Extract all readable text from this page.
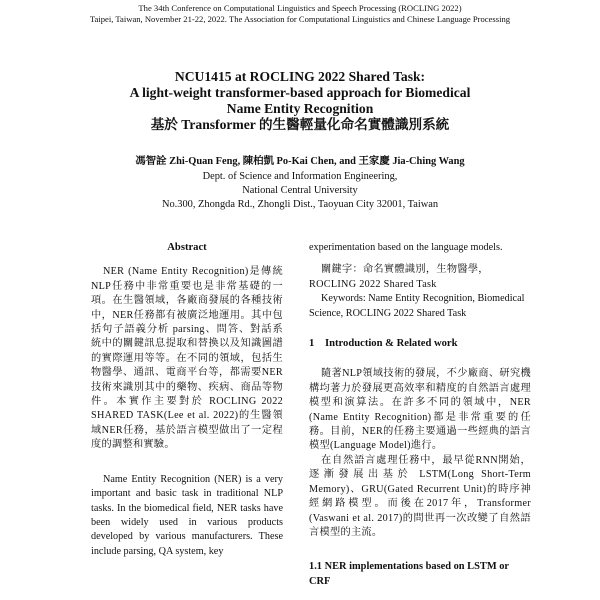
The 34th Conference on Computational Linguistics and Speech Processing (ROCLING 2022)
Taipei, Taiwan, November 21-22, 2022. The Association for Computational Linguistics and Chinese Language Processing
NCU1415 at ROCLING 2022 Shared Task:
A light-weight transformer-based approach for Biomedical
Name Entity Recognition
基於 Transformer 的生醫輕量化命名實體識別系統
馮智詮 Zhi-Quan Feng, 陳柏凱 Po-Kai Chen, and 王家慶 Jia-Ching Wang
Dept. of Science and Information Engineering,
National Central University
No.300, Zhongda Rd., Zhongli Dist., Taoyuan City 32001, Taiwan
Abstract

NER (Name Entity Recognition)是傳統NLP任務中非常重要也是非常基礎的一項。在生醫領域，各廠商發展的各種技術中，NER任務都有被廣泛地運用。其中包括句子語義分析 parsing、問答、對話系統中的關鍵訊息提取和替換以及知識圖譜的實際運用等等。在不同的領域，包括生物醫學、通訊、電商平台等，都需要NER技術來識別其中的藥物、疾病、商品等物件。本實作主要對於 ROCLING 2022 SHARED TASK(Lee et al. 2022)的生醫領域NER任務，基於語言模型做出了一定程度的調整和實驗。

Name Entity Recognition (NER) is a very important and basic task in traditional NLP tasks. In the biomedical field, NER tasks have been widely used in various products developed by various manufacturers. These include parsing, QA system, key

experimentation based on the language models.

關鍵字：命名實體識別，生物醫學，ROCLING 2022 Shared Task

Keywords: Name Entity Recognition, Biomedical Science, ROCLING 2022 Shared Task

1 Introduction & Related work

隨著NLP領域技術的發展，不少廠商、研究機構均著力於發展更高效率和精度的自然語言處理模型和演算法。在許多不同的領域中，NER (Name Entity Recognition)都是非常重要的任務。目前，NER的任務主要通過一些經典的語言模型(Language Model)進行。

在自然語言處理任務中，最早從RNN開始，逐漸發展出基於 LSTM(Long Short-Term Memory)、GRU(Gated Recurrent Unit)的時序神經網路模型。而後在2017年，Transformer (Vaswani et al. 2017)的問世再一次改變了自然語言模型的主流。

1.1 NER implementations based on LSTM or CRF
